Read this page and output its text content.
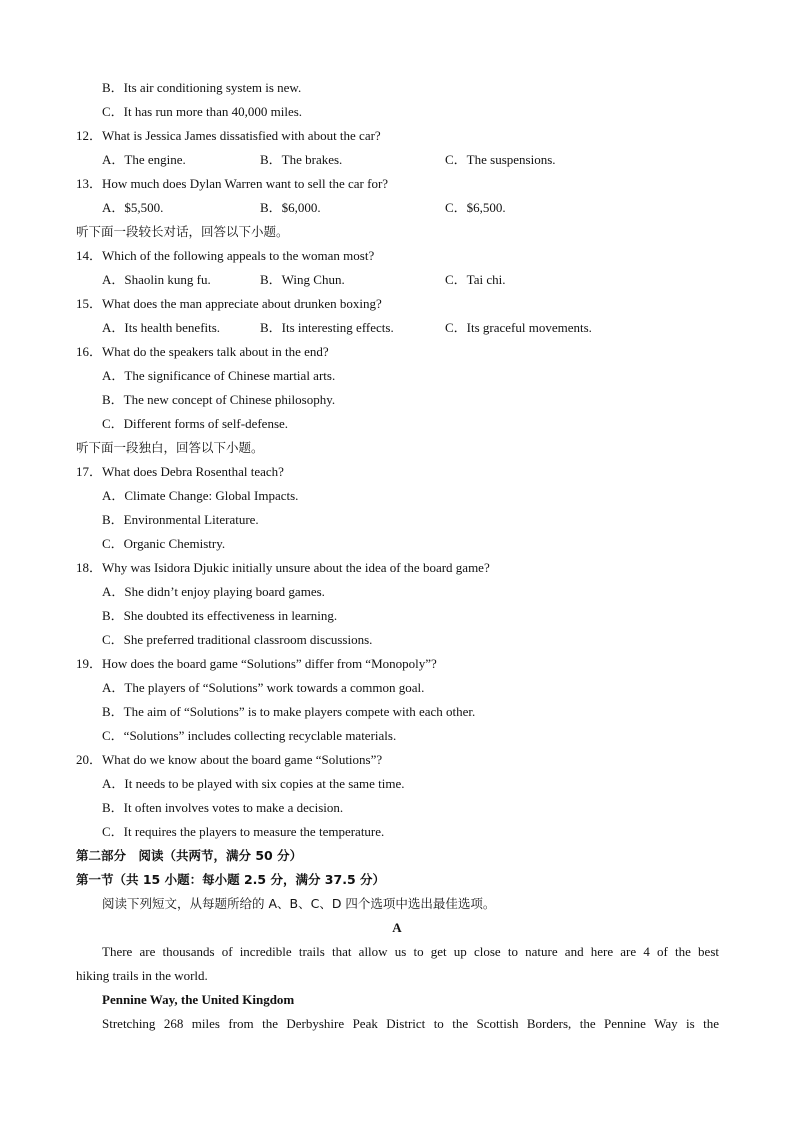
B．Its air conditioning system is new.
C．It has run more than 40,000 miles.
12．What is Jessica James dissatisfied with about the car?
A．The engine.	B．The brakes.	C．The suspensions.
13．How much does Dylan Warren want to sell the car for?
A．$5,500.	B．$6,000.	C．$6,500.
听下面一段较长对话，回答以下小题。
14．Which of the following appeals to the woman most?
A．Shaolin kung fu.	B．Wing Chun.	C．Tai chi.
15．What does the man appreciate about drunken boxing?
A．Its health benefits.	B．Its interesting effects.	C．Its graceful movements.
16．What do the speakers talk about in the end?
A．The significance of Chinese martial arts.
B．The new concept of Chinese philosophy.
C．Different forms of self-defense.
听下面一段独白，回答以下小题。
17．What does Debra Rosenthal teach?
A．Climate Change: Global Impacts.
B．Environmental Literature.
C．Organic Chemistry.
18．Why was Isidora Djukic initially unsure about the idea of the board game?
A．She didn’t enjoy playing board games.
B．She doubted its effectiveness in learning.
C．She preferred traditional classroom discussions.
19．How does the board game “Solutions” differ from “Monopoly”?
A．The players of “Solutions” work towards a common goal.
B．The aim of “Solutions” is to make players compete with each other.
C．“Solutions” includes collecting recyclable materials.
20．What do we know about the board game “Solutions”?
A．It needs to be played with six copies at the same time.
B．It often involves votes to make a decision.
C．It requires the players to measure the temperature.
第二部分　阅读（共两节，满分 50 分）
第一节（共 15 小题：每小题 2.5 分，满分 37.5 分）
阅读下列短文，从每题所给的 A、B、C、D 四个选项中选出最佳选项。
A
There are thousands of incredible trails that allow us to get up close to nature and here are 4 of the best
hiking trails in the world.
Pennine Way, the United Kingdom
Stretching 268 miles from the Derbyshire Peak District to the Scottish Borders, the Pennine Way is the
